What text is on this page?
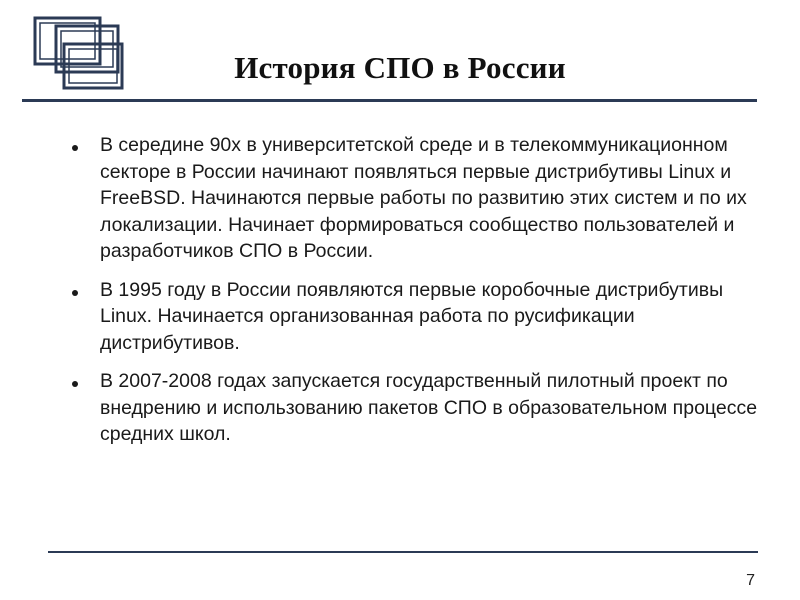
История СПО в России
В середине 90х в университетской среде и в телекоммуникационном секторе в России начинают появляться первые дистрибутивы Linux и FreeBSD. Начинаются первые работы по развитию этих систем и по их локализации. Начинает формироваться сообщество пользователей и разработчиков СПО в России.
В 1995 году в России появляются первые коробочные дистрибутивы Linux. Начинается организованная работа по русификации дистрибутивов.
В 2007-2008 годах запускается государственный пилотный проект по внедрению и использованию пакетов СПО в образовательном процессе средних школ.
7
